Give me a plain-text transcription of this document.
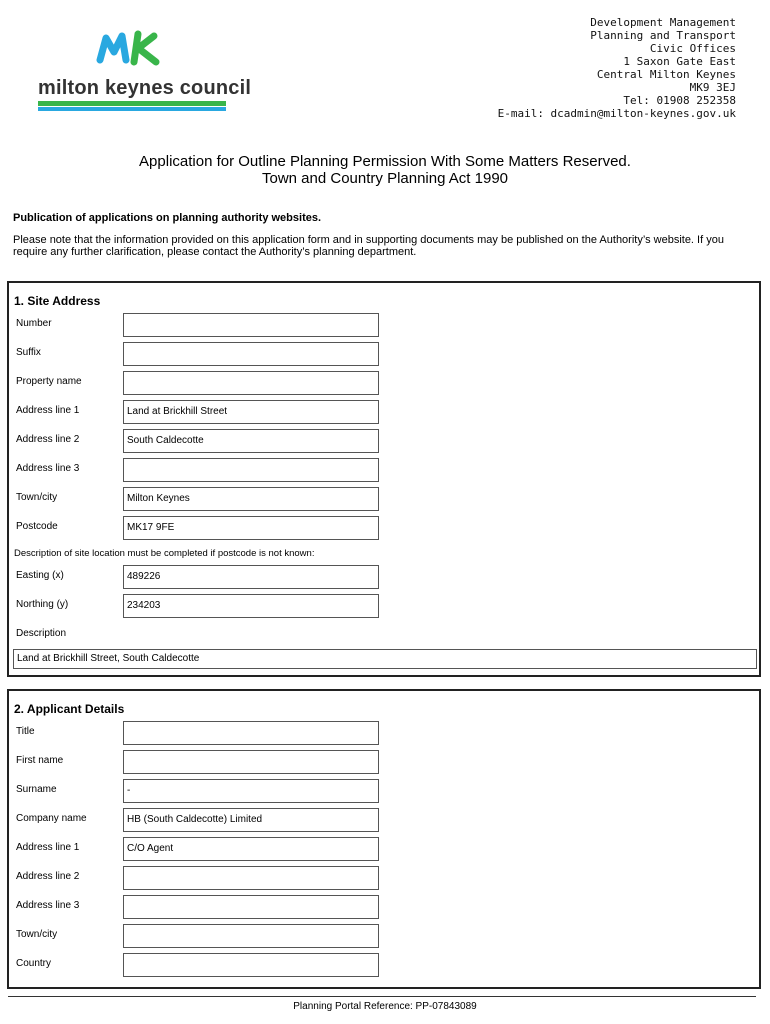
milton keynes council
Development Management
Planning and Transport
Civic Offices
1 Saxon Gate East
Central Milton Keynes
MK9 3EJ
Tel: 01908 252358
E-mail: dcadmin@milton-keynes.gov.uk
Application for Outline Planning Permission With Some Matters Reserved.
Town and Country Planning Act 1990
Publication of applications on planning authority websites.
Please note that the information provided on this application form and in supporting documents may be published on the Authority’s website. If you require any further clarification, please contact the Authority’s planning department.
1. Site Address
Number
Suffix
Property name
Address line 1	Land at Brickhill Street
Address line 2	South Caldecotte
Address line 3
Town/city	Milton Keynes
Postcode	MK17 9FE
Description of site location must be completed if postcode is not known:
Easting (x)	489226
Northing (y)	234203
Description
Land at Brickhill Street, South Caldecotte
2. Applicant Details
Title
First name
Surname	-
Company name	HB (South Caldecotte) Limited
Address line 1	C/O Agent
Address line 2
Address line 3
Town/city
Country
Planning Portal Reference: PP-07843089
